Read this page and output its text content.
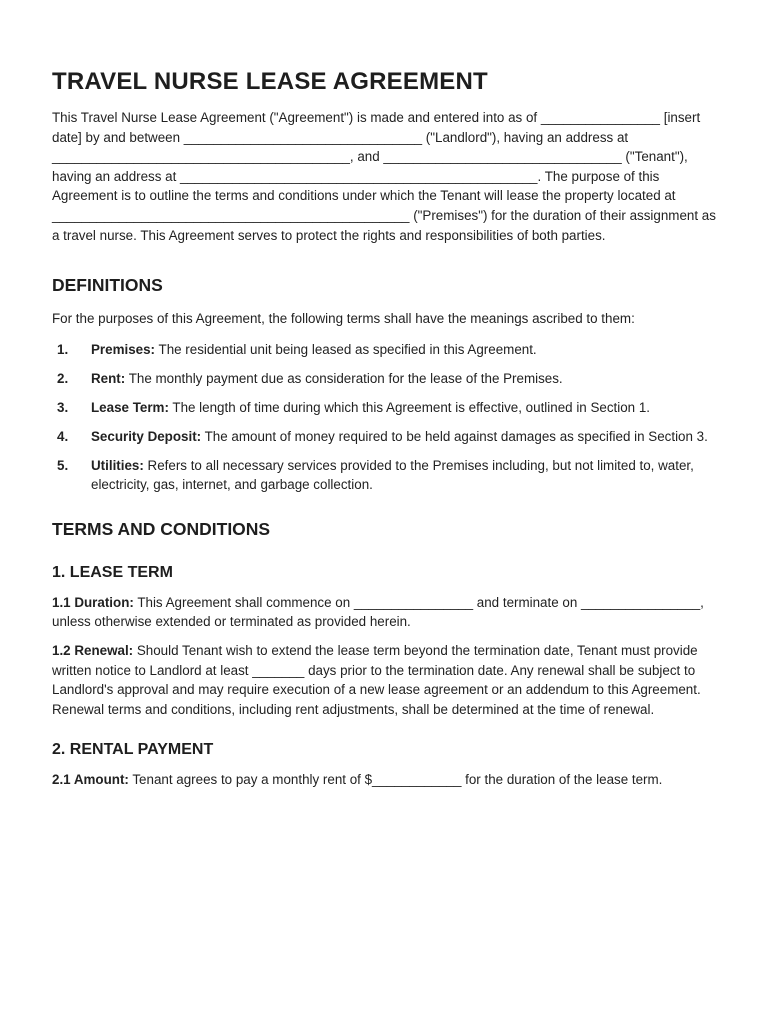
TRAVEL NURSE LEASE AGREEMENT

This Travel Nurse Lease Agreement ("Agreement") is made and entered into as of ________________ [insert date] by and between ________________________________ ("Landlord"), having an address at ________________________________________, and ________________________________ ("Tenant"), having an address at ________________________________________________. The purpose of this Agreement is to outline the terms and conditions under which the Tenant will lease the property located at ________________________________________________ ("Premises") for the duration of their assignment as a travel nurse. This Agreement serves to protect the rights and responsibilities of both parties.

DEFINITIONS

For the purposes of this Agreement, the following terms shall have the meanings ascribed to them:

1. Premises: The residential unit being leased as specified in this Agreement.
2. Rent: The monthly payment due as consideration for the lease of the Premises.
3. Lease Term: The length of time during which this Agreement is effective, outlined in Section 1.
4. Security Deposit: The amount of money required to be held against damages as specified in Section 3.
5. Utilities: Refers to all necessary services provided to the Premises including, but not limited to, water, electricity, gas, internet, and garbage collection.
TERMS AND CONDITIONS
1. LEASE TERM

1.1 Duration: This Agreement shall commence on ________________ and terminate on ________________, unless otherwise extended or terminated as provided herein.

1.2 Renewal: Should Tenant wish to extend the lease term beyond the termination date, Tenant must provide written notice to Landlord at least _______ days prior to the termination date. Any renewal shall be subject to Landlord's approval and may require execution of a new lease agreement or an addendum to this Agreement. Renewal terms and conditions, including rent adjustments, shall be determined at the time of renewal.

2. RENTAL PAYMENT

2.1 Amount: Tenant agrees to pay a monthly rent of $____________ for the duration of the lease term.
